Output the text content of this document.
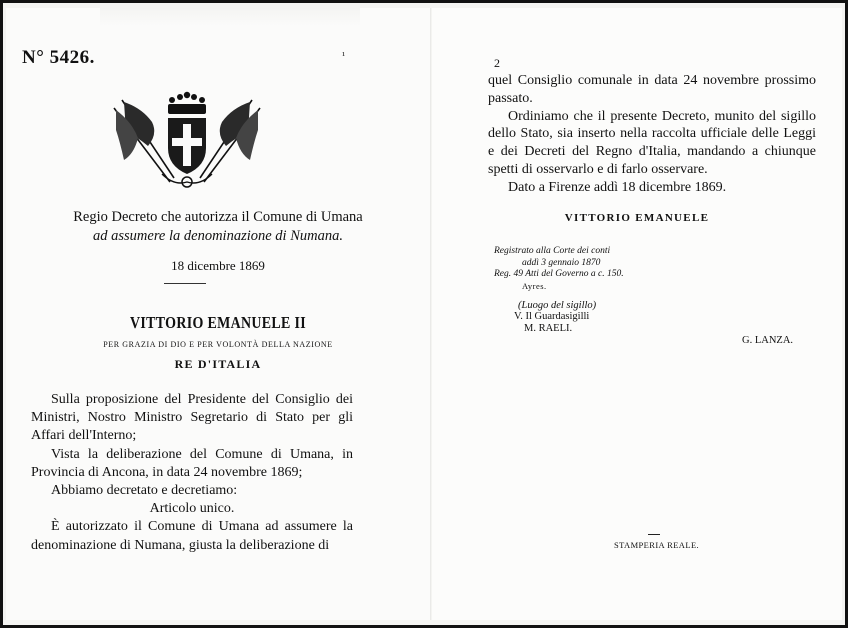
N° 5426.	¹
Regio Decreto che autorizza il Comune di Umana
ad assumere la denominazione di Numana.
18 dicembre 1869
VITTORIO EMANUELE II
PER GRAZIA DI DIO E PER VOLONTÀ DELLA NAZIONE
RE D'ITALIA

Sulla proposizione del Presidente del Consiglio dei Ministri, Nostro Ministro Segretario di Stato per gli Affari dell'Interno;

Vista la deliberazione del Comune di Umana, in Provincia di Ancona, in data 24 novembre 1869;

Abbiamo decretato e decretiamo:

Articolo unico.

È autorizzato il Comune di Umana ad assumere la denominazione di Numana, giusta la deliberazione di

2

quel Consiglio comunale in data 24 novembre prossimo passato.

Ordiniamo che il presente Decreto, munito del sigillo dello Stato, sia inserto nella raccolta ufficiale delle Leggi e dei Decreti del Regno d'Italia, mandando a chiunque spetti di osservarlo e di farlo osservare.

Dato a Firenze addì 18 dicembre 1869.

VITTORIO EMANUELE
Registrato alla Corte dei conti
addì 3 gennaio 1870
Reg. 49 Atti del Governo a c. 150.
Ayres.
(Luogo del sigillo)
V. Il Guardasigilli
M. RAELI.
G. LANZA.
STAMPERIA REALE.
